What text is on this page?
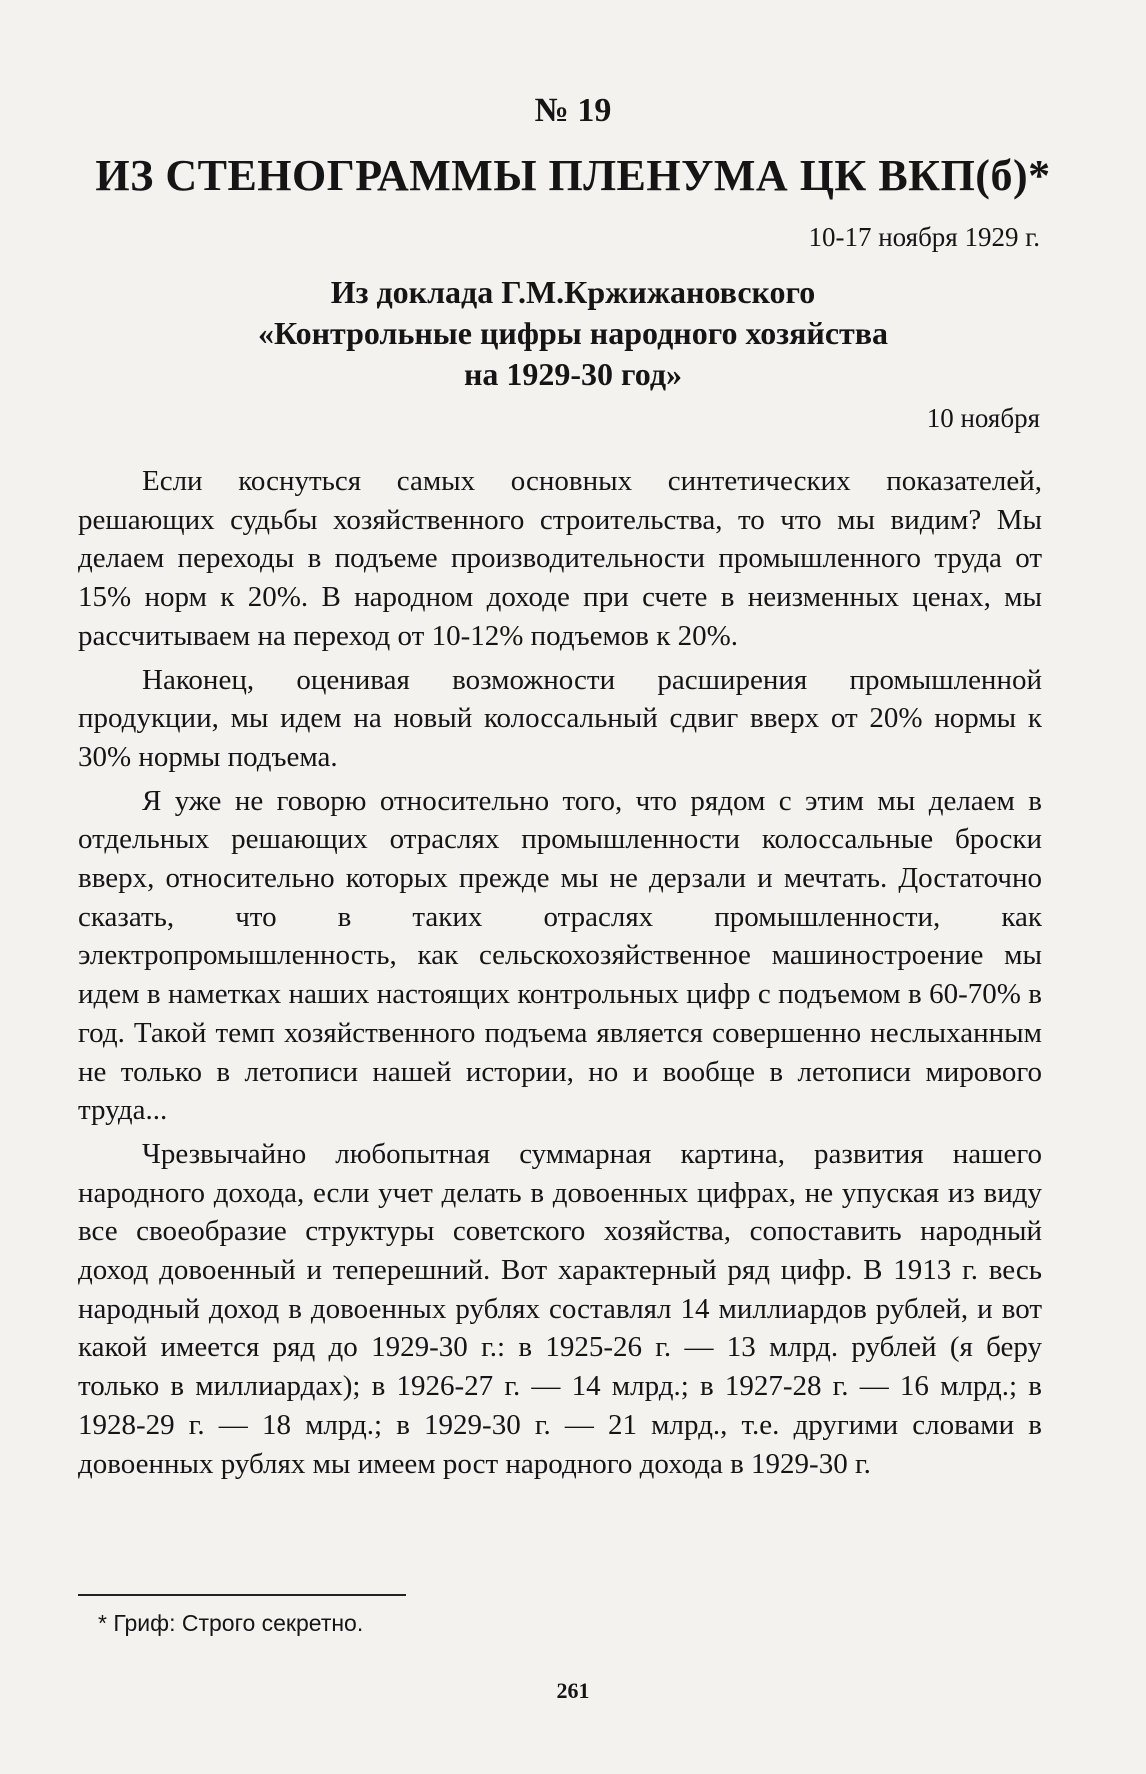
№ 19
ИЗ СТЕНОГРАММЫ ПЛЕНУМА ЦК ВКП(б)*
10-17 ноября 1929 г.
Из доклада Г.М.Кржижановского
«Контрольные цифры народного хозяйства
на 1929-30 год»
10 ноября

Если коснуться самых основных синтетических показателей, решающих судьбы хозяйственного строительства, то что мы видим? Мы делаем переходы в подъеме производительности промышленного труда от 15% норм к 20%. В народном доходе при счете в неизменных ценах, мы рассчитываем на переход от 10-12% подъемов к 20%.

Наконец, оценивая возможности расширения промышленной продукции, мы идем на новый колоссальный сдвиг вверх от 20% нормы к 30% нормы подъема.

Я уже не говорю относительно того, что рядом с этим мы делаем в отдельных решающих отраслях промышленности колоссальные броски вверх, относительно которых прежде мы не дерзали и мечтать. Достаточно сказать, что в таких отраслях промышленности, как электропромышленность, как сельскохозяйственное машиностроение мы идем в наметках наших настоящих контрольных цифр с подъемом в 60-70% в год. Такой темп хозяйственного подъема является совершенно неслыханным не только в летописи нашей истории, но и вообще в летописи мирового труда...

Чрезвычайно любопытная суммарная картина, развития нашего народного дохода, если учет делать в довоенных цифрах, не упуская из виду все своеобразие структуры советского хозяйства, сопоставить народный доход довоенный и теперешний. Вот характерный ряд цифр. В 1913 г. весь народный доход в довоенных рублях составлял 14 миллиардов рублей, и вот какой имеется ряд до 1929-30 г.: в 1925-26 г. — 13 млрд. рублей (я беру только в миллиардах); в 1926-27 г. — 14 млрд.; в 1927-28 г. — 16 млрд.; в 1928-29 г. — 18 млрд.; в 1929-30 г. — 21 млрд., т.е. другими словами в довоенных рублях мы имеем рост народного дохода в 1929-30 г.

* Гриф: Строго секретно.
261
